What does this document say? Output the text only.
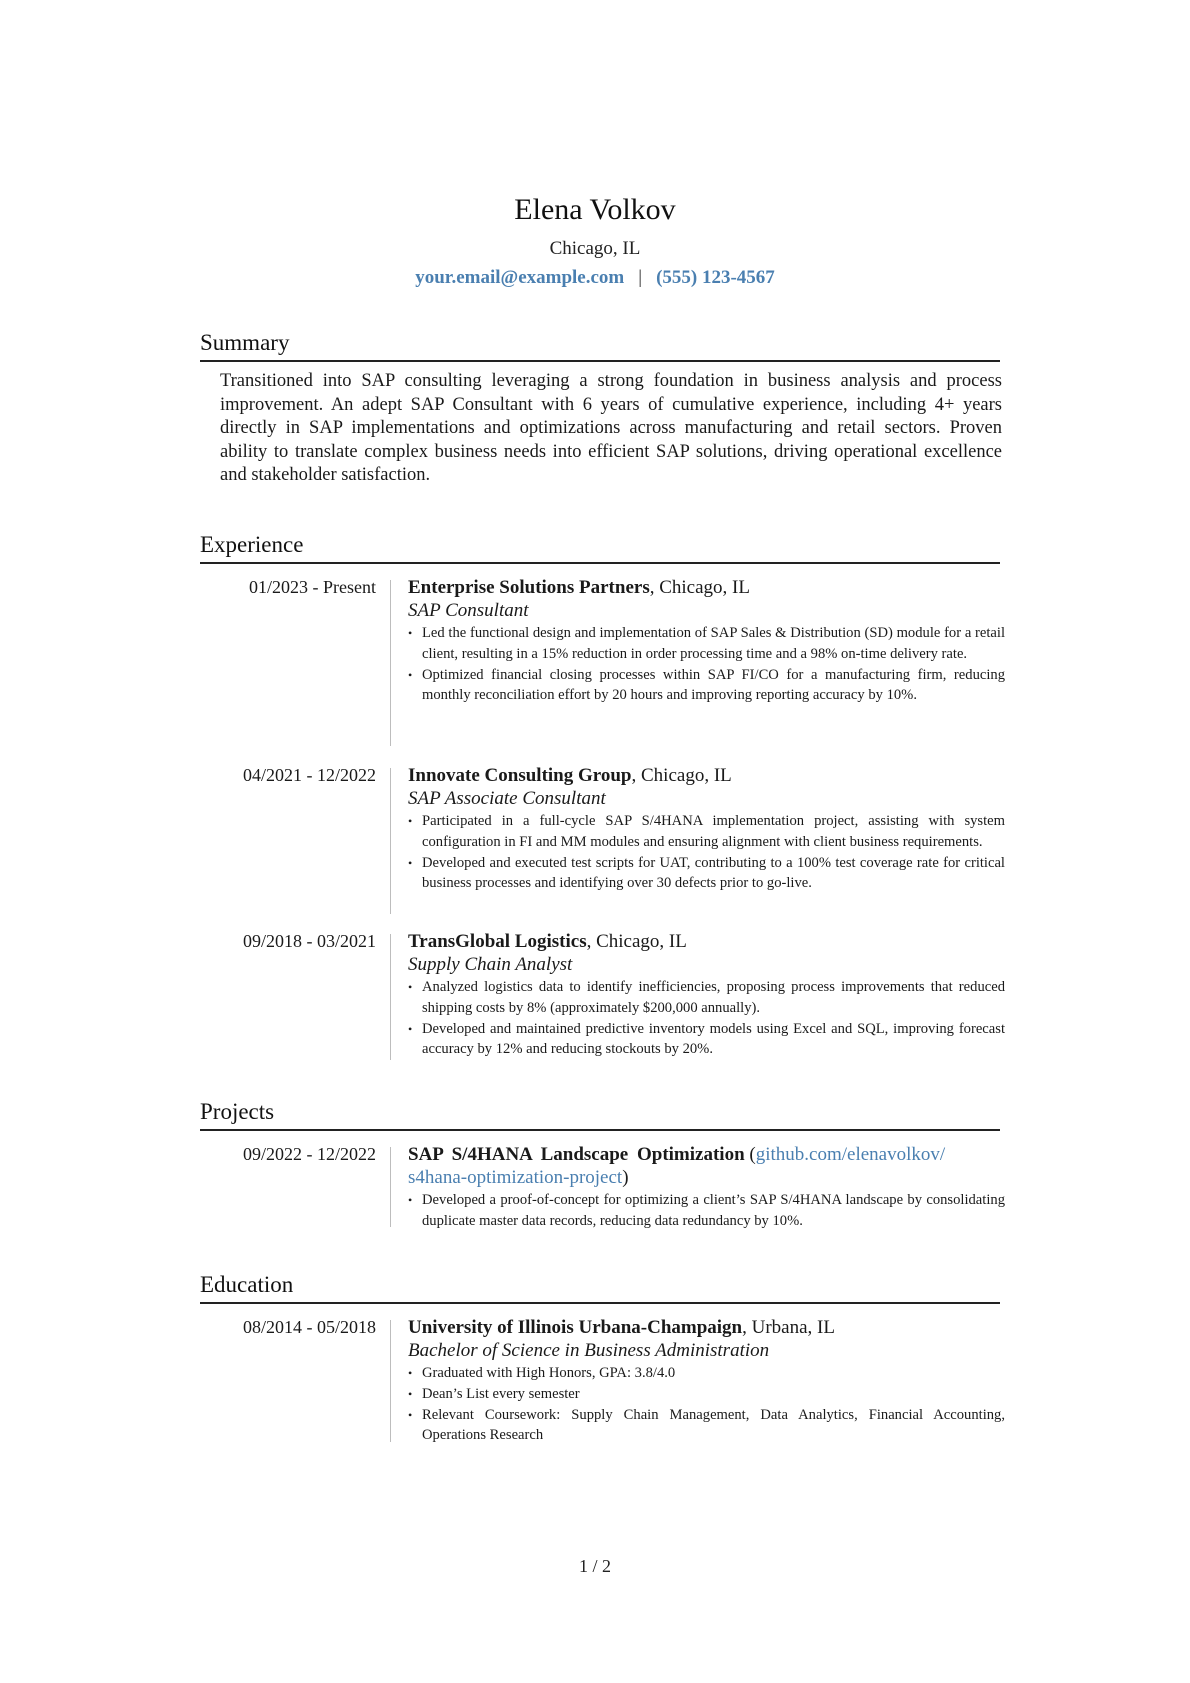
Elena Volkov
Chicago, IL
your.email@example.com | (555) 123-4567
Summary
Transitioned into SAP consulting leveraging a strong foundation in business analysis and process improvement. An adept SAP Consultant with 6 years of cumulative experience, including 4+ years directly in SAP implementations and optimizations across manufacturing and retail sectors. Proven ability to translate complex business needs into efficient SAP solutions, driving operational excellence and stakeholder satisfaction.
Experience
01/2023 - Present Enterprise Solutions Partners, Chicago, IL
SAP Consultant
• Led the functional design and implementation of SAP Sales & Distribution (SD) module for a retail client, resulting in a 15% reduction in order processing time and a 98% on-time delivery rate.
• Optimized financial closing processes within SAP FI/CO for a manufacturing firm, reducing monthly reconciliation effort by 20 hours and improving reporting accuracy by 10%.
04/2021 - 12/2022 Innovate Consulting Group, Chicago, IL
SAP Associate Consultant
• Participated in a full-cycle SAP S/4HANA implementation project, assisting with system configuration in FI and MM modules and ensuring alignment with client business requirements.
• Developed and executed test scripts for UAT, contributing to a 100% test coverage rate for critical business processes and identifying over 30 defects prior to go-live.
09/2018 - 03/2021 TransGlobal Logistics, Chicago, IL
Supply Chain Analyst
• Analyzed logistics data to identify inefficiencies, proposing process improvements that reduced shipping costs by 8% (approximately $200,000 annually).
• Developed and maintained predictive inventory models using Excel and SQL, improving forecast accuracy by 12% and reducing stockouts by 20%.
Projects
09/2022 - 12/2022 SAP S/4HANA Landscape Optimization (github.com/elenavolkov/
s4hana-optimization-project)
• Developed a proof-of-concept for optimizing a client’s SAP S/4HANA landscape by consolidating duplicate master data records, reducing data redundancy by 10%.
Education
08/2014 - 05/2018 University of Illinois Urbana-Champaign, Urbana, IL
Bachelor of Science in Business Administration
• Graduated with High Honors, GPA: 3.8/4.0
• Dean’s List every semester
• Relevant Coursework: Supply Chain Management, Data Analytics, Financial Accounting, Operations Research
1 / 2
